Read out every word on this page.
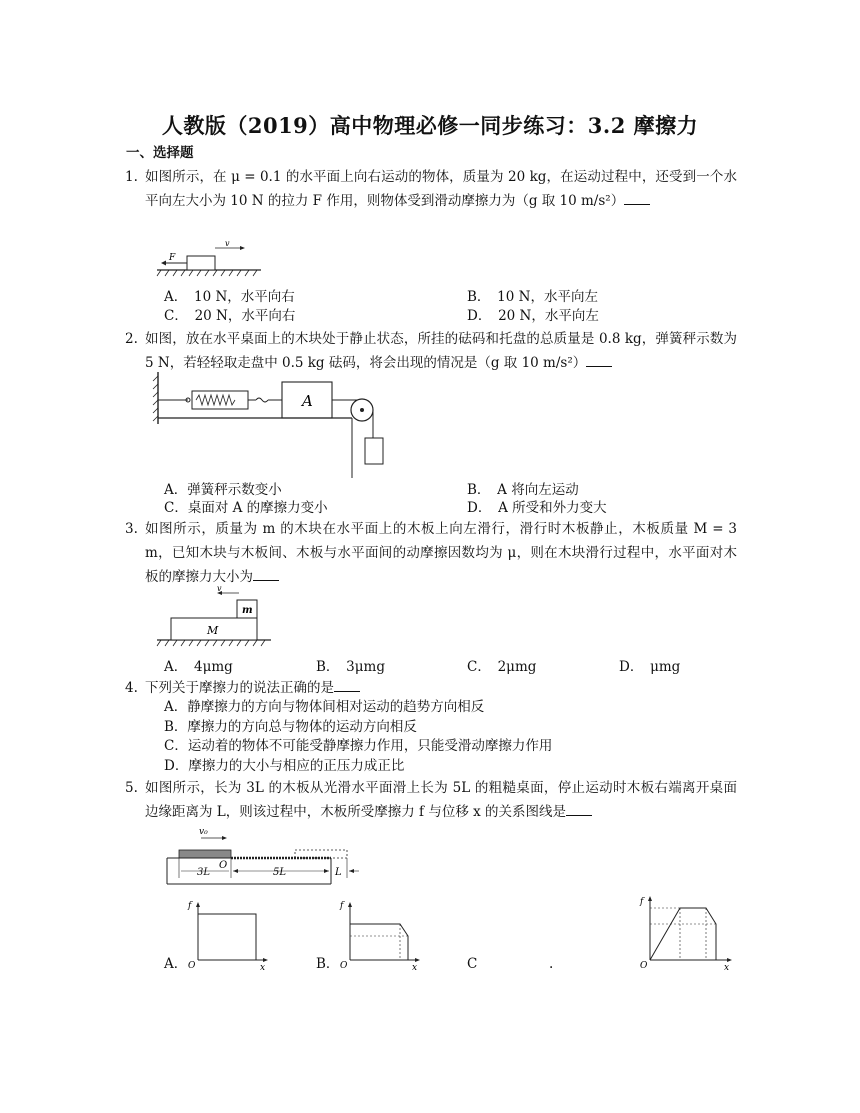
人教版（2019）高中物理必修一同步练习：3.2 摩擦力
一、选择题
1. 如图所示，在 μ = 0.1 的水平面上向右运动的物体，质量为 20 kg，在运动过程中，还受到一个水平向左大小为 10 N 的拉力 F 作用，则物体受到滑动摩擦力为（g 取 10 m/s²）
F
v
A．　10 N，水平向右	B．　10 N，水平向左
C．　20 N，水平向右	D．　20 N，水平向左
2. 如图，放在水平桌面上的木块处于静止状态，所挂的砝码和托盘的总质量是 0.8 kg，弹簧秤示数为 5 N，若轻轻取走盘中 0.5 kg 砝码，将会出现的情况是（g 取 10 m/s²）
A
A．弹簧秤示数变小	B．　A 将向左运动
C．桌面对 A 的摩擦力变小	D．　A 所受和外力变大
3. 如图所示，质量为 m 的木块在水平面上的木板上向左滑行，滑行时木板静止，木板质量 M = 3 m，已知木块与木板间、木板与水平面间的动摩擦因数均为 μ，则在木块滑行过程中，水平面对木板的摩擦力大小为
v
m
M
A．　4μmg	B．　3μmg	C．　2μmg	D．　μmg
4. 下列关于摩擦力的说法正确的是
A．静摩擦力的方向与物体间相对运动的趋势方向相反
B．摩擦力的方向总与物体的运动方向相反
C．运动着的物体不可能受静摩擦力作用，只能受滑动摩擦力作用
D．摩擦力的大小与相应的正压力成正比
5. 如图所示，长为 3L 的木板从光滑水平面滑上长为 5L 的粗糙桌面，停止运动时木板右端离开桌面边缘距离为 L，则该过程中，木板所受摩擦力 f 与位移 x 的关系图线是
v₀
3L
O
5L	L
f
O	x
f
O	x
f
O	x
A．	B．	C	.
